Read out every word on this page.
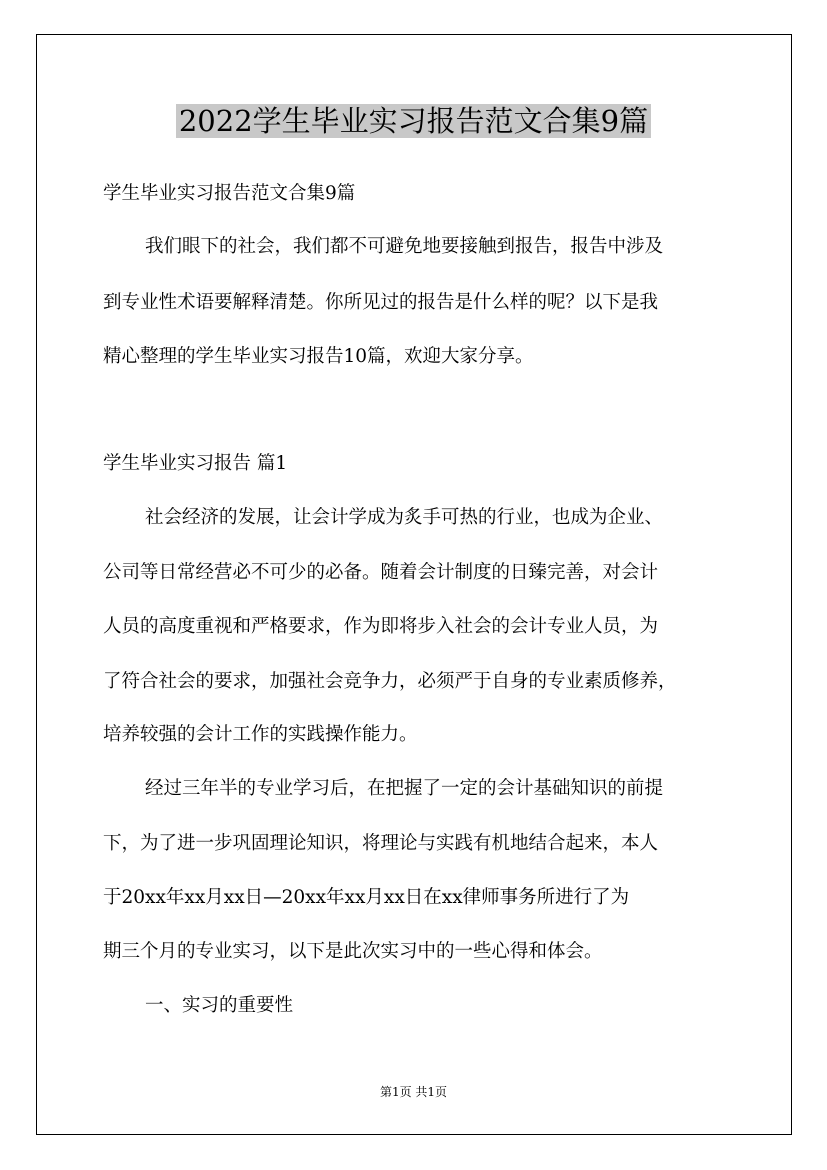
2022学生毕业实习报告范文合集9篇
学生毕业实习报告范文合集9篇
我们眼下的社会，我们都不可避免地要接触到报告，报告中涉及
到专业性术语要解释清楚。你所见过的报告是什么样的呢？以下是我
精心整理的学生毕业实习报告10篇，欢迎大家分享。
学生毕业实习报告 篇1
社会经济的发展，让会计学成为炙手可热的行业，也成为企业、
公司等日常经营必不可少的必备。随着会计制度的日臻完善，对会计
人员的高度重视和严格要求，作为即将步入社会的会计专业人员，为
了符合社会的要求，加强社会竞争力，必须严于自身的专业素质修养，
培养较强的会计工作的实践操作能力。
经过三年半的专业学习后，在把握了一定的会计基础知识的前提
下，为了进一步巩固理论知识，将理论与实践有机地结合起来，本人
于20xx年xx月xx日—20xx年xx月xx日在xx律师事务所进行了为
期三个月的专业实习，以下是此次实习中的一些心得和体会。
一、实习的重要性
第1页 共1页
